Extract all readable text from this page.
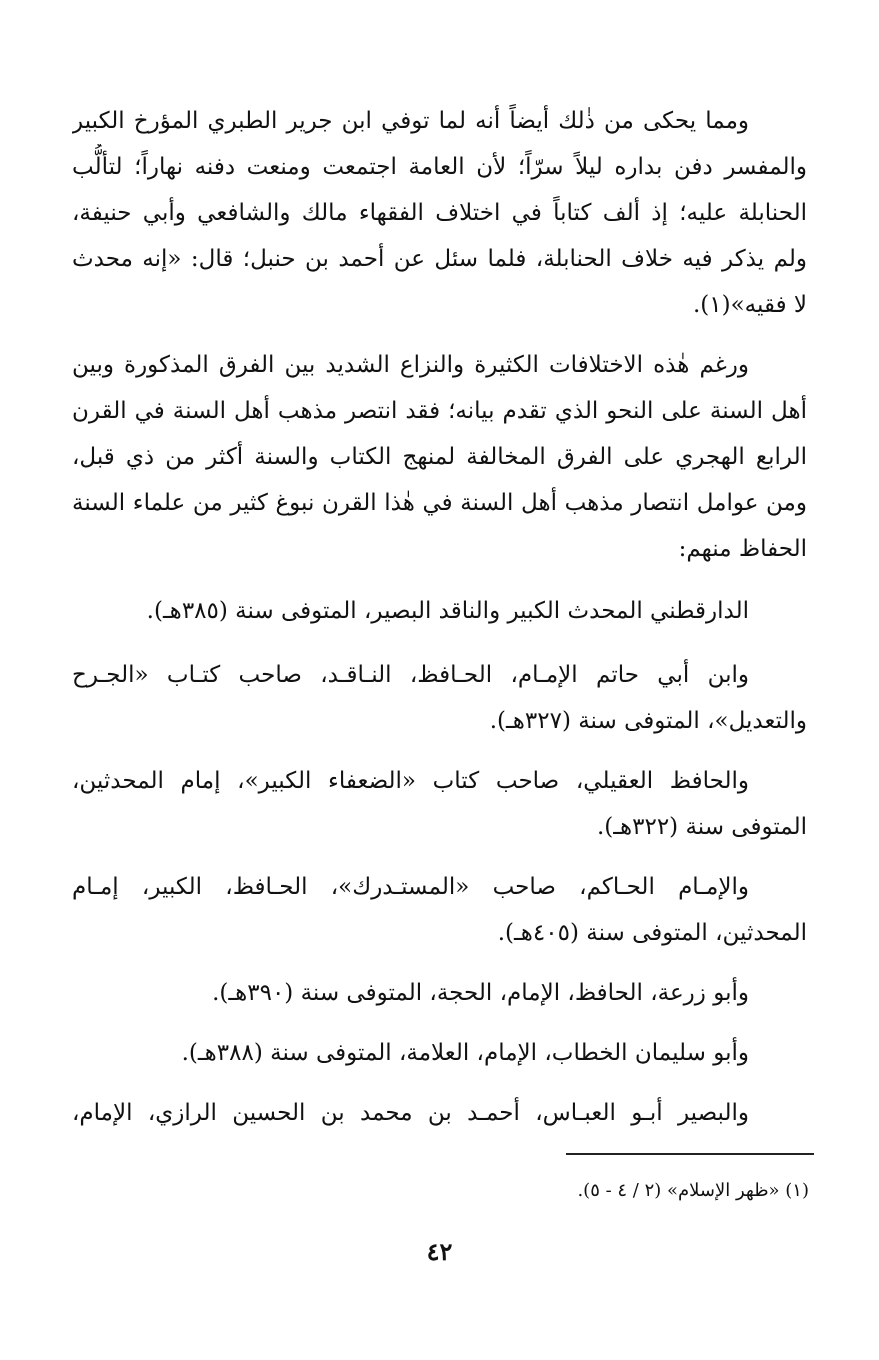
ومما يحكى من ذٰلك أيضاً أنه لما توفي ابن جرير الطبري المؤرخ الكبير
والمفسر دفن بداره ليلاً سرّاً؛ لأن العامة اجتمعت ومنعت دفنه نهاراً؛ لتألُّب
الحنابلة عليه؛ إذ ألف كتاباً في اختلاف الفقهاء مالك والشافعي وأبي حنيفة،
ولم يذكر فيه خلاف الحنابلة، فلما سئل عن أحمد بن حنبل؛ قال: «إنه محدث
لا فقيه»(١).
ورغم هٰذه الاختلافات الكثيرة والنزاع الشديد بين الفرق المذكورة وبين
أهل السنة على النحو الذي تقدم بيانه؛ فقد انتصر مذهب أهل السنة في القرن
الرابع الهجري على الفرق المخالفة لمنهج الكتاب والسنة أكثر من ذي قبل،
ومن عوامل انتصار مذهب أهل السنة في هٰذا القرن نبوغ كثير من علماء السنة
الحفاظ منهم:
الدارقطني المحدث الكبير والناقد البصير، المتوفى سنة (٣٨٥هـ).
وابن أبي حاتم الإمـام، الحـافظ، النـاقـد، صاحب كتـاب «الجـرح
والتعديل»، المتوفى سنة (٣٢٧هـ).
والحافظ العقيلي، صاحب كتاب «الضعفاء الكبير»، إمام المحدثين،
المتوفى سنة (٣٢٢هـ).
والإمـام الحـاكم، صاحب «المستـدرك»، الحـافظ، الكبير، إمـام
المحدثين، المتوفى سنة (٤٠٥هـ).
وأبو زرعة، الحافظ، الإمام، الحجة، المتوفى سنة (٣٩٠هـ).
وأبو سليمان الخطاب، الإمام، العلامة، المتوفى سنة (٣٨٨هـ).
والبصير أبـو العبـاس، أحمـد بن محمد بن الحسين الرازي، الإمام،
(١) «ظهر الإسلام» (٢ / ٤ - ٥).
٤٢
